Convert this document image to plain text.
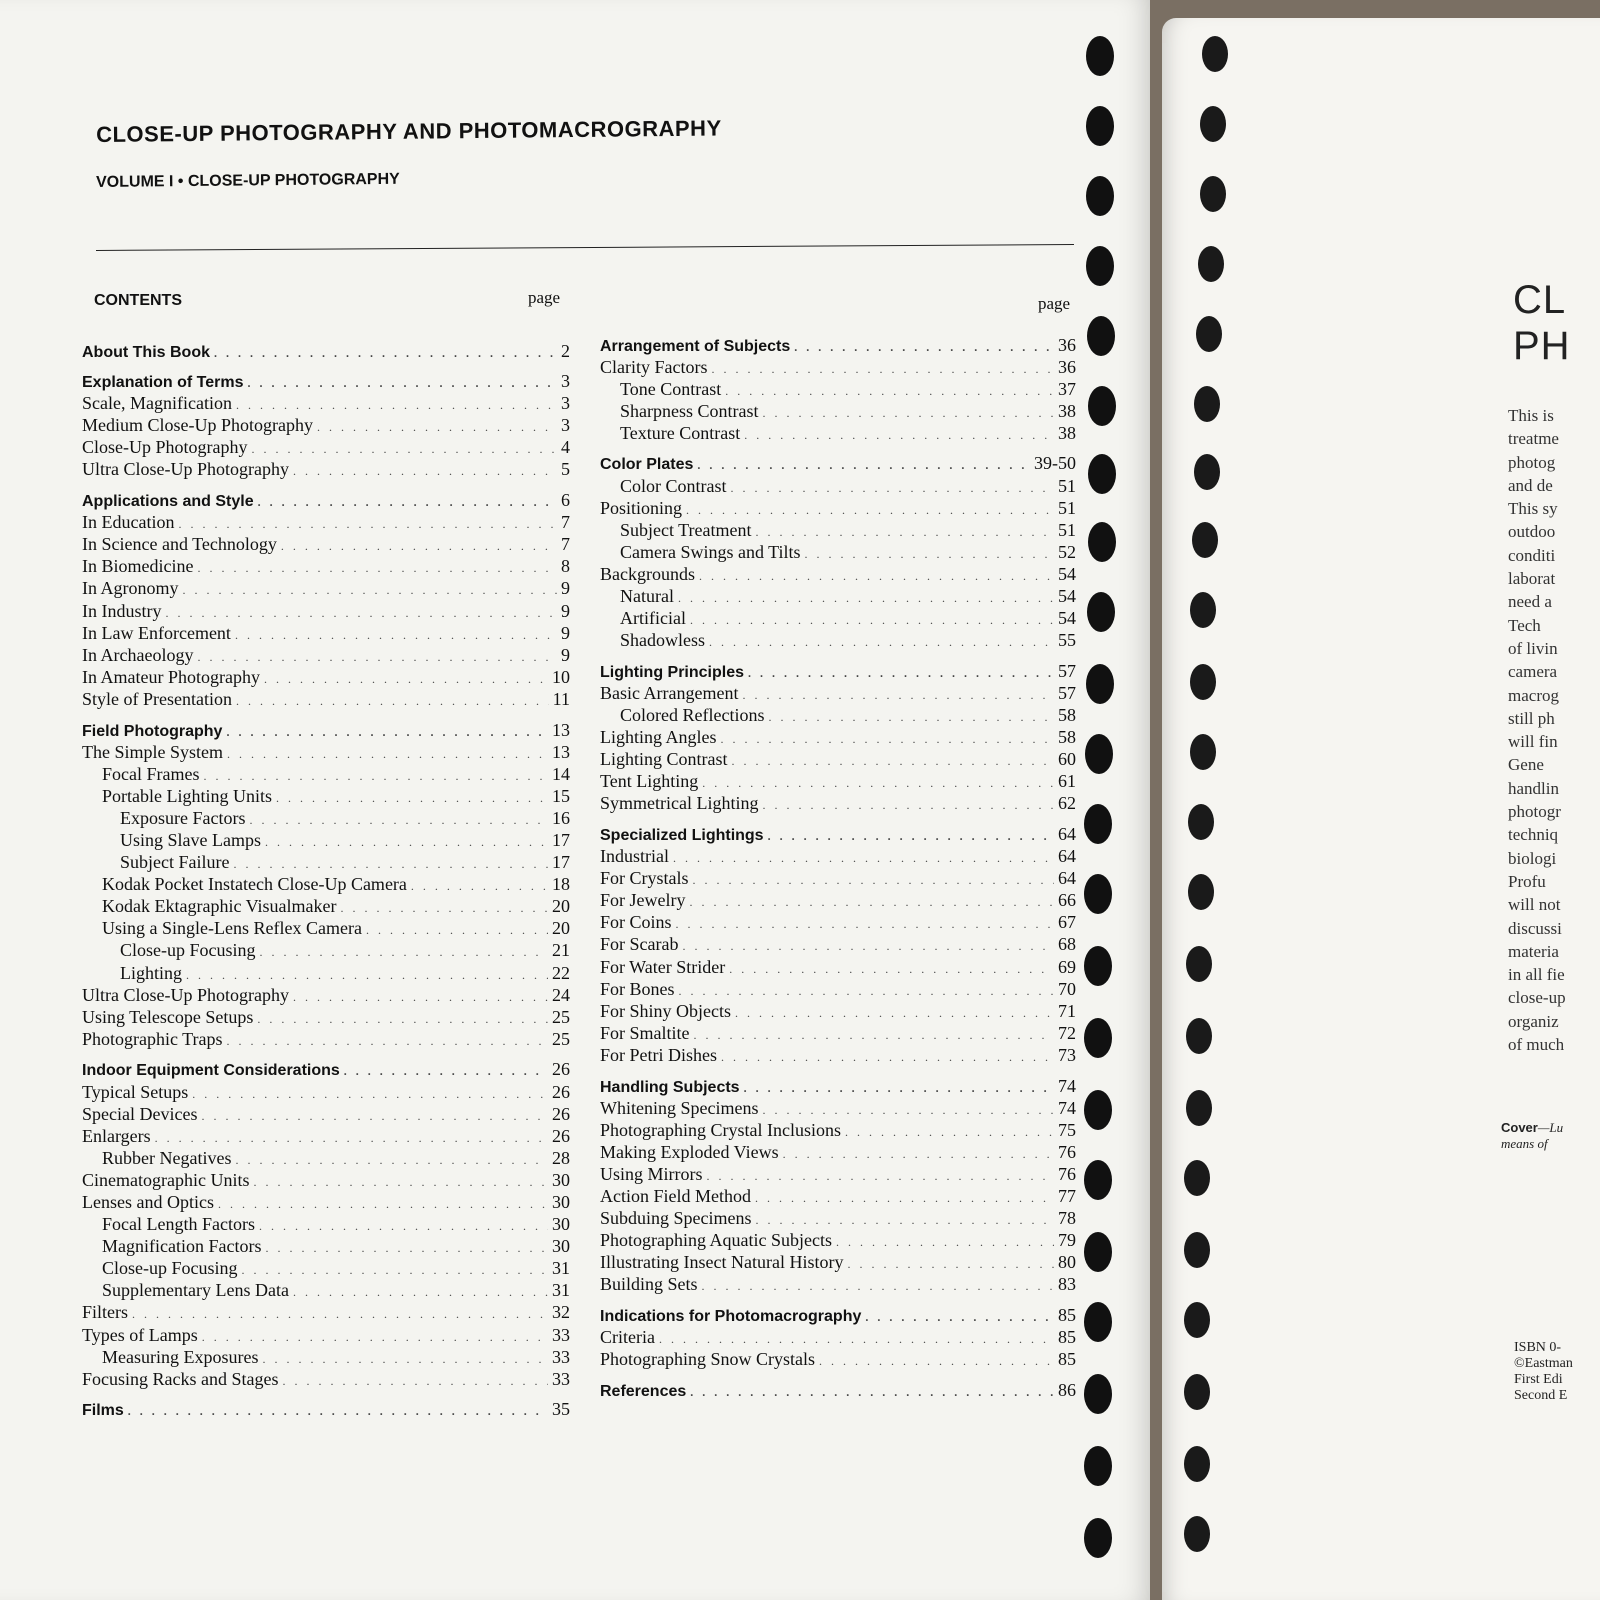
CLOSE-UP PHOTOGRAPHY AND PHOTOMACROGRAPHY
VOLUME I • CLOSE-UP PHOTOGRAPHY
CONTENTS	page	page
About This Book . . .	2
Explanation of Terms . . .	3
Scale, Magnification . . .	3
Medium Close-Up Photography . . .	3
Close-Up Photography . . .	4
Ultra Close-Up Photography . . .	5
Applications and Style . . .	6
In Education . . .	7
In Science and Technology . . .	7
In Biomedicine . . .	8
In Agronomy . . .	9
In Industry . . .	9
In Law Enforcement . . .	9
In Archaeology . . .	9
In Amateur Photography . . .	10
Style of Presentation . . .	11
Field Photography . . .	13
The Simple System . . .	13
Focal Frames . . .	14
Portable Lighting Units . . .	15
Exposure Factors . . .	16
Using Slave Lamps . . .	17
Subject Failure . . .	17
Kodak Pocket Instatech Close-Up Camera . . .	18
Kodak Ektagraphic Visualmaker . . .	20
Using a Single-Lens Reflex Camera . . .	20
Close-up Focusing . . .	21
Lighting . . .	22
Ultra Close-Up Photography . . .	24
Using Telescope Setups . . .	25
Photographic Traps . . .	25
Indoor Equipment Considerations . . .	26
Typical Setups . . .	26
Special Devices . . .	26
Enlargers . . .	26
Rubber Negatives . . .	28
Cinematographic Units . . .	30
Lenses and Optics . . .	30
Focal Length Factors . . .	30
Magnification Factors . . .	30
Close-up Focusing . . .	31
Supplementary Lens Data . . .	31
Filters . . .	32
Types of Lamps . . .	33
Measuring Exposures . . .	33
Focusing Racks and Stages . . .	33
Films . . .	35
Arrangement of Subjects . . .	36
Clarity Factors . . .	36
Tone Contrast . . .	37
Sharpness Contrast . . .	38
Texture Contrast . . .	38
Color Plates . . .	39-50
Color Contrast . . .	51
Positioning . . .	51
Subject Treatment . . .	51
Camera Swings and Tilts . . .	52
Backgrounds . . .	54
Natural . . .	54
Artificial . . .	54
Shadowless . . .	55
Lighting Principles . . .	57
Basic Arrangement . . .	57
Colored Reflections . . .	58
Lighting Angles . . .	58
Lighting Contrast . . .	60
Tent Lighting . . .	61
Symmetrical Lighting . . .	62
Specialized Lightings . . .	64
Industrial . . .	64
For Crystals . . .	64
For Jewelry . . .	66
For Coins . . .	67
For Scarab . . .	68
For Water Strider . . .	69
For Bones . . .	70
For Shiny Objects . . .	71
For Smaltite . . .	72
For Petri Dishes . . .	73
Handling Subjects . . .	74
Whitening Specimens . . .	74
Photographing Crystal Inclusions . . .	75
Making Exploded Views . . .	76
Using Mirrors . . .	76
Action Field Method . . .	77
Subduing Specimens . . .	78
Photographing Aquatic Subjects . . .	79
Illustrating Insect Natural History . . .	80
Building Sets . . .	83
Indications for Photomacrography . . .	85
Criteria . . .	85
Photographing Snow Crystals . . .	85
References . . .	86
CL
PH
This is
treatme
photog
and de
This sy
outdoo
conditi
laborat
need a
Tech
of livin
camera
macrog
still ph
will fin
Gene
handlin
photogr
techniq
biologi
Profu
will not
discussi
materia
in all fie
close-up
organiz
of much
Cover—Lu
means of
ISBN 0-
©Eastman
First Edi
Second E
